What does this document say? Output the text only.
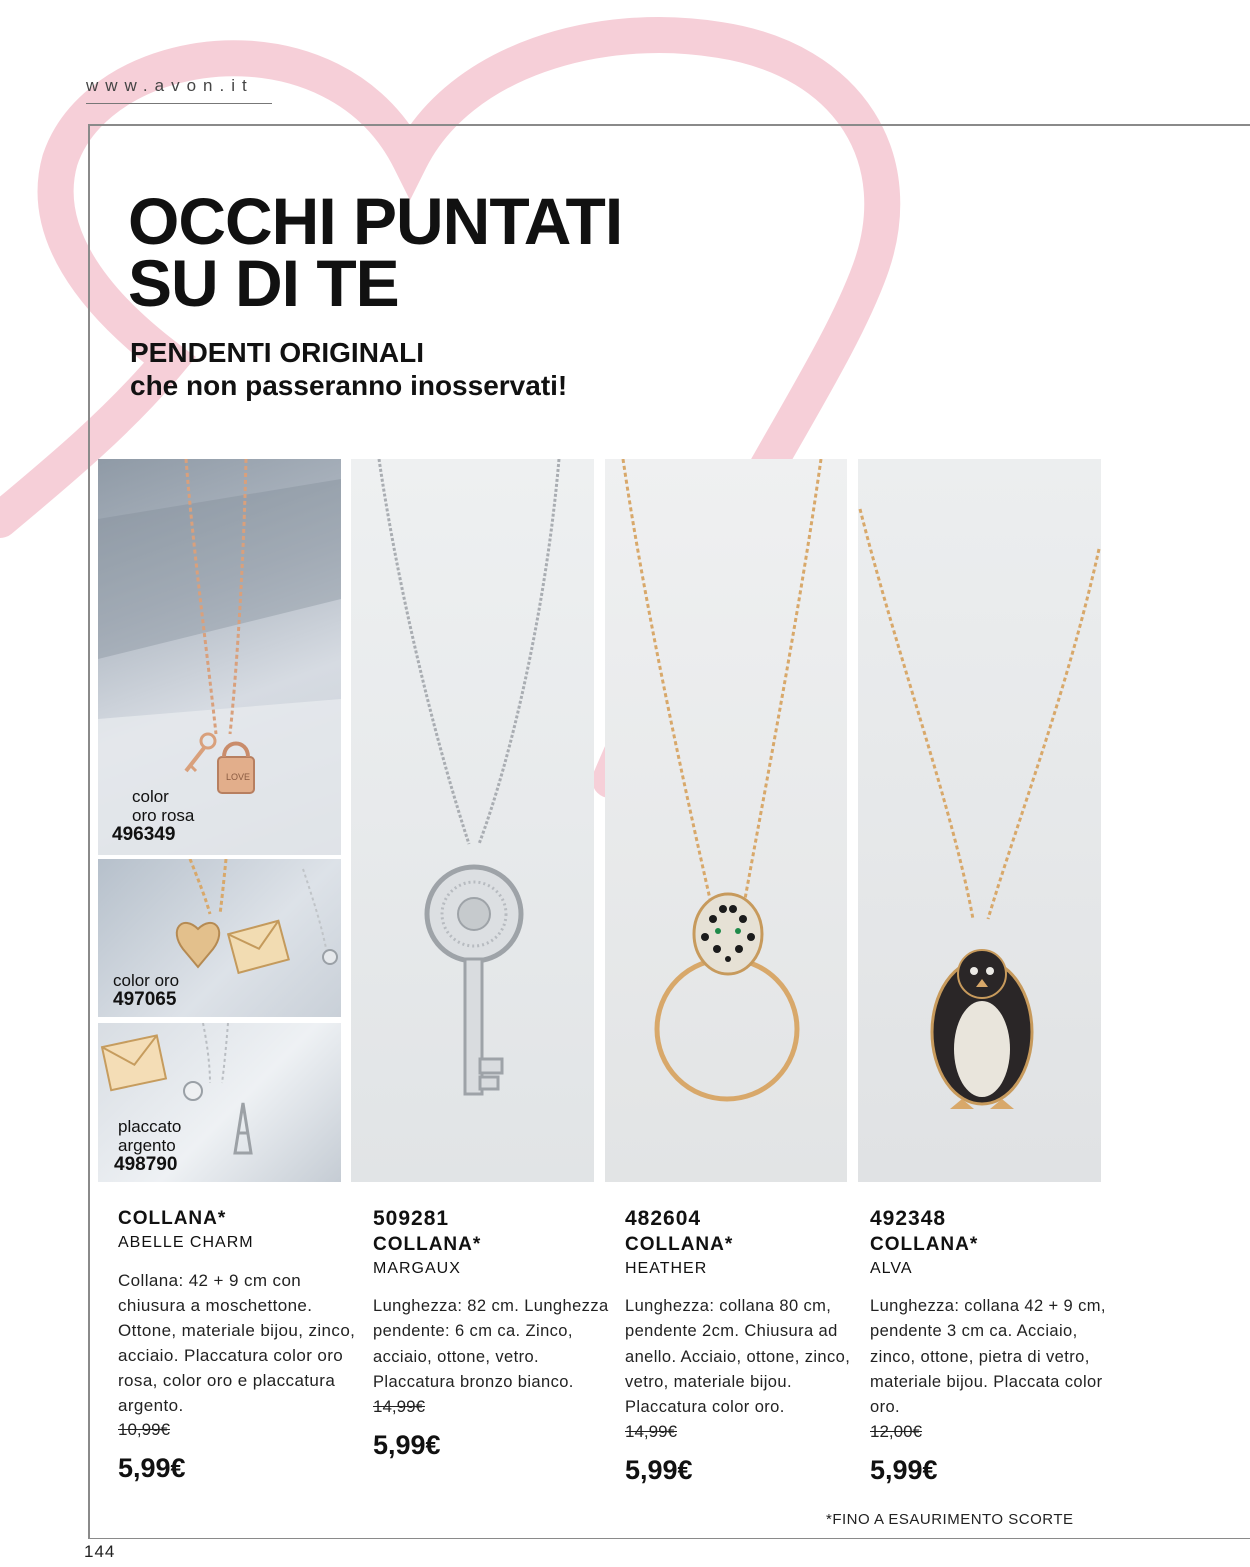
www.avon.it
OCCHI PUNTATI
SU DI TE
PENDENTI ORIGINALI
che non passeranno inosservati!
LOVE
color
oro rosa
496349
color oro
497065
placcato
argento
498790
COLLANA*
ABELLE CHARM
Collana: 42 + 9 cm con chiusura a moschettone. Ottone, materiale bijou, zinco, acciaio. Placcatura color oro rosa, color oro e placcatura argento.
10,99€
5,99€
509281
COLLANA*
MARGAUX
Lunghezza: 82 cm. Lunghezza pendente: 6 cm ca. Zinco, acciaio, ottone, vetro. Placcatura bronzo bianco.
14,99€
5,99€
482604
COLLANA*
HEATHER
Lunghezza: collana 80 cm, pendente 2cm. Chiusura ad anello. Acciaio, ottone, zinco, vetro, materiale bijou. Placcatura color oro.
14,99€
5,99€
492348
COLLANA*
ALVA
Lunghezza: collana 42 + 9 cm, pendente 3 cm ca. Acciaio, zinco, ottone, pietra di vetro, materiale bijou. Placcata color oro.
12,00€
5,99€
*FINO A ESAURIMENTO SCORTE
144
